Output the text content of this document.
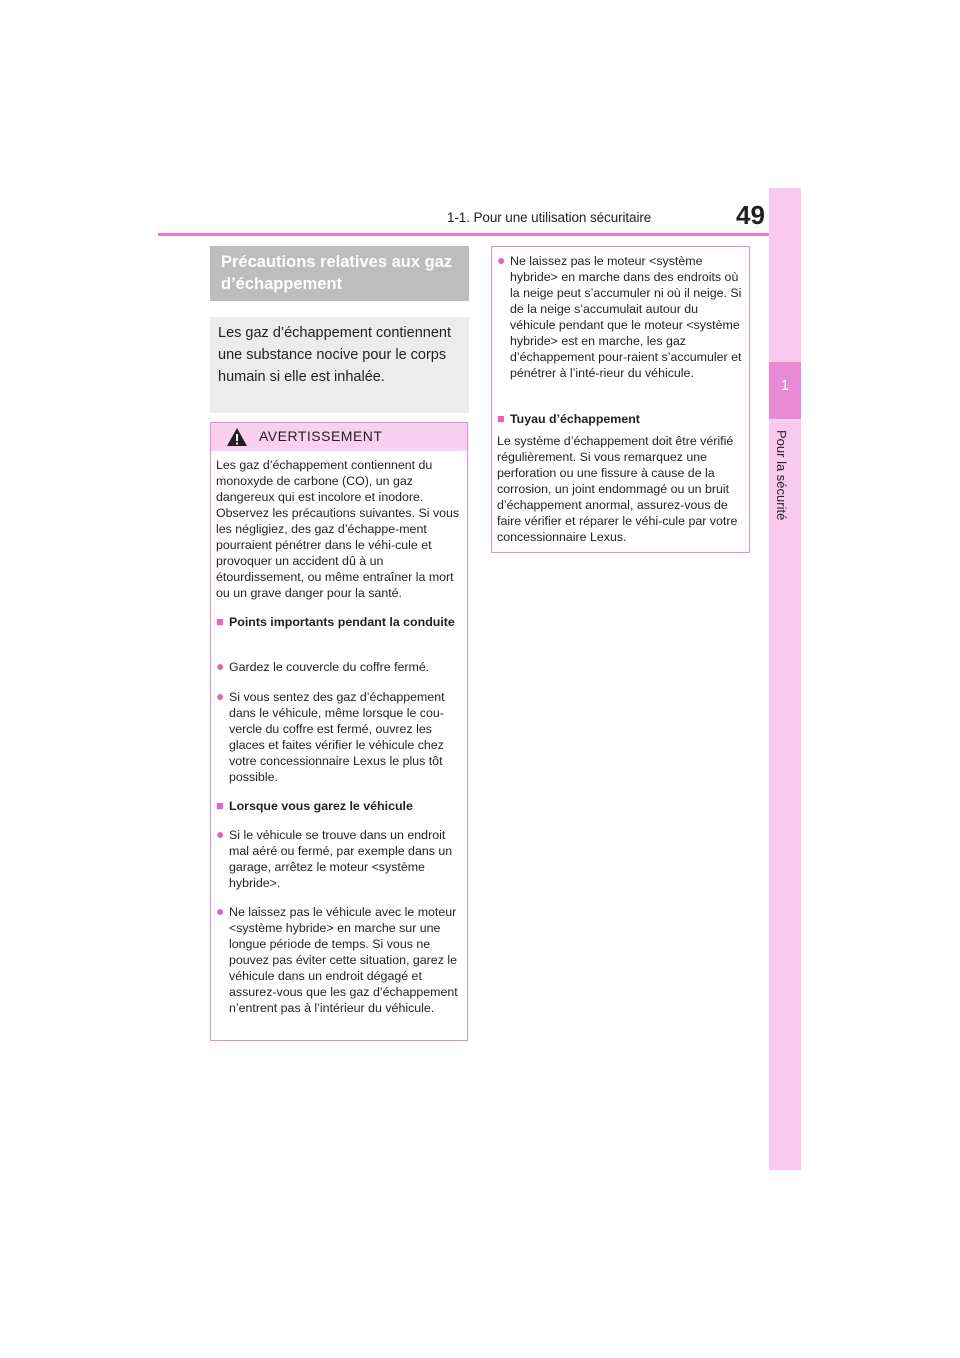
1-1. Pour une utilisation sécuritaire	49
1
Pour la sécurité
Précautions relatives aux gaz d’échappement
Les gaz d’échappement contiennent une substance nocive pour le corps humain si elle est inhalée.
AVERTISSEMENT
Les gaz d’échappement contiennent du monoxyde de carbone (CO), un gaz dangereux qui est incolore et inodore. Observez les précautions suivantes. Si vous les négligiez, des gaz d’échappe-ment pourraient pénétrer dans le véhi-cule et provoquer un accident dû à un étourdissement, ou même entraîner la mort ou un grave danger pour la santé.
■ Points importants pendant la conduite
● Gardez le couvercle du coffre fermé.
● Si vous sentez des gaz d’échappement dans le véhicule, même lorsque le cou-vercle du coffre est fermé, ouvrez les glaces et faites vérifier le véhicule chez votre concessionnaire Lexus le plus tôt possible.
■ Lorsque vous garez le véhicule
● Si le véhicule se trouve dans un endroit mal aéré ou fermé, par exemple dans un garage, arrêtez le moteur <système hybride>.
● Ne laissez pas le véhicule avec le moteur <système hybride> en marche sur une longue période de temps. Si vous ne pouvez pas éviter cette situation, garez le véhicule dans un endroit dégagé et assurez-vous que les gaz d’échappement n’entrent pas à l’intérieur du véhicule.
● Ne laissez pas le moteur <système hybride> en marche dans des endroits où la neige peut s’accumuler ni où il neige. Si de la neige s’accumulait autour du véhicule pendant que le moteur <système hybride> est en marche, les gaz d’échappement pour-raient s’accumuler et pénétrer à l’inté-rieur du véhicule.
■ Tuyau d’échappement
Le système d’échappement doit être vérifié régulièrement. Si vous remarquez une perforation ou une fissure à cause de la corrosion, un joint endommagé ou un bruit d’échappement anormal, assurez-vous de faire vérifier et réparer le véhi-cule par votre concessionnaire Lexus.
